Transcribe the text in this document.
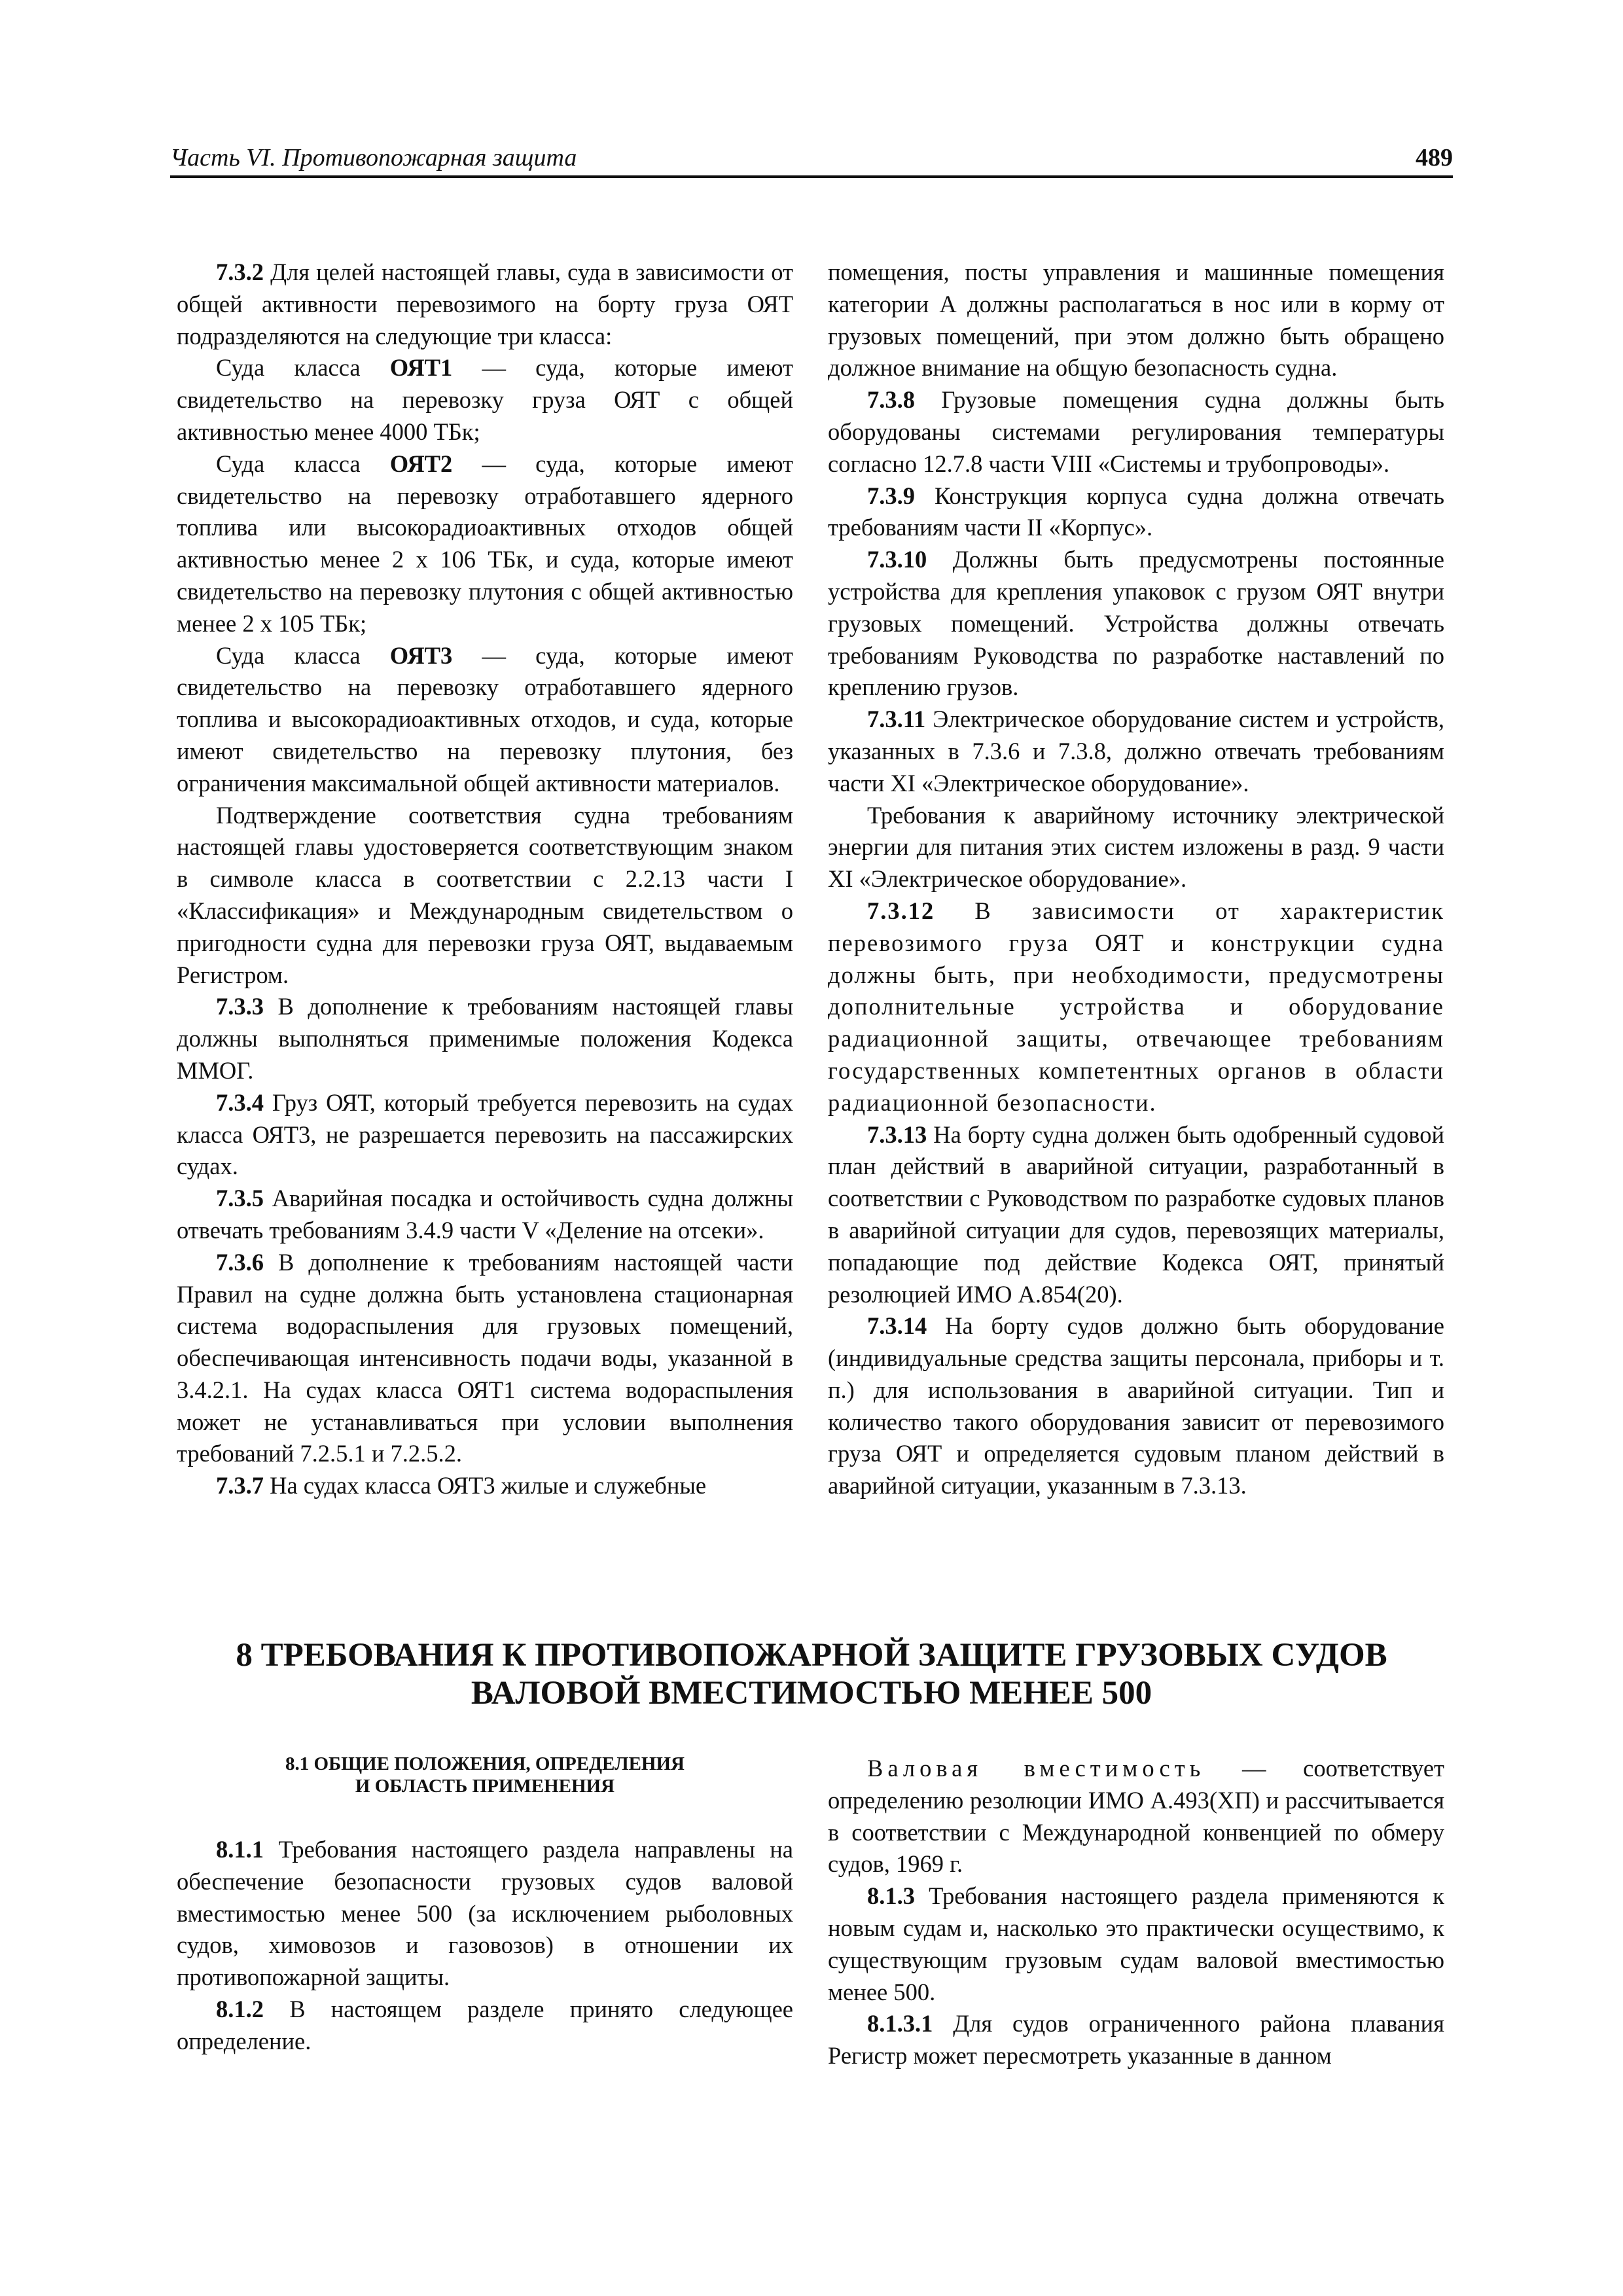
Часть VI. Противопожарная защита	489

7.3.2 Для целей настоящей главы, суда в зависимости от общей активности перевозимого на борту груза ОЯТ подразделяются на следующие три класса:

Суда класса ОЯТ1 — суда, которые имеют свидетельство на перевозку груза ОЯТ с общей активностью менее 4000 ТБк;

Суда класса ОЯТ2 — суда, которые имеют свидетельство на перевозку отработавшего ядерного топлива или высокорадиоактивных отходов общей активностью менее 2 х 106 ТБк, и суда, которые имеют свидетельство на перевозку плутония с общей активностью менее 2 х 105 ТБк;

Суда класса ОЯТ3 — суда, которые имеют свидетельство на перевозку отработавшего ядерного топлива и высокорадиоактивных отходов, и суда, которые имеют свидетельство на перевозку плутония, без ограничения максимальной общей активности материалов.

Подтверждение соответствия судна требованиям настоящей главы удостоверяется соответствующим знаком в символе класса в соответствии с 2.2.13 части I «Классификация» и Международным свидетельством о пригодности судна для перевозки груза ОЯТ, выдаваемым Регистром.

7.3.3 В дополнение к требованиям настоящей главы должны выполняться применимые положения Кодекса ММОГ.

7.3.4 Груз ОЯТ, который требуется перевозить на судах класса ОЯТ3, не разрешается перевозить на пассажирских судах.

7.3.5 Аварийная посадка и остойчивость судна должны отвечать требованиям 3.4.9 части V «Деление на отсеки».

7.3.6 В дополнение к требованиям настоящей части Правил на судне должна быть установлена стационарная система водораспыления для грузовых помещений, обеспечивающая интенсивность подачи воды, указанной в 3.4.2.1. На судах класса ОЯТ1 система водораспыления может не устанавливаться при условии выполнения требований 7.2.5.1 и 7.2.5.2.

7.3.7 На судах класса ОЯТ3 жилые и служебные

помещения, посты управления и машинные помещения категории А должны располагаться в нос или в корму от грузовых помещений, при этом должно быть обращено должное внимание на общую безопасность судна.

7.3.8 Грузовые помещения судна должны быть оборудованы системами регулирования температуры согласно 12.7.8 части VIII «Системы и трубопроводы».

7.3.9 Конструкция корпуса судна должна отвечать требованиям части II «Корпус».

7.3.10 Должны быть предусмотрены постоянные устройства для крепления упаковок с грузом ОЯТ внутри грузовых помещений. Устройства должны отвечать требованиям Руководства по разработке наставлений по креплению грузов.

7.3.11 Электрическое оборудование систем и устройств, указанных в 7.3.6 и 7.3.8, должно отвечать требованиям части XI «Электрическое оборудование».

Требования к аварийному источнику электрической энергии для питания этих систем изложены в разд. 9 части XI «Электрическое оборудование».

7.3.12 В зависимости от характеристик перевозимого груза ОЯТ и конструкции судна должны быть, при необходимости, предусмотрены дополнительные устройства и оборудование радиационной защиты, отвечающее требованиям государственных компетентных органов в области радиационной безопасности.

7.3.13 На борту судна должен быть одобренный судовой план действий в аварийной ситуации, разработанный в соответствии с Руководством по разработке судовых планов в аварийной ситуации для судов, перевозящих материалы, попадающие под действие Кодекса ОЯТ, принятый резолюцией ИМО А.854(20).

7.3.14 На борту судов должно быть оборудование (индивидуальные средства защиты персонала, приборы и т. п.) для использования в аварийной ситуации. Тип и количество такого оборудования зависит от перевозимого груза ОЯТ и определяется судовым планом действий в аварийной ситуации, указанным в 7.3.13.

8 ТРЕБОВАНИЯ К ПРОТИВОПОЖАРНОЙ ЗАЩИТЕ ГРУЗОВЫХ СУДОВ
ВАЛОВОЙ ВМЕСТИМОСТЬЮ МЕНЕЕ 500
8.1 ОБЩИЕ ПОЛОЖЕНИЯ, ОПРЕДЕЛЕНИЯ
И ОБЛАСТЬ ПРИМЕНЕНИЯ

8.1.1 Требования настоящего раздела направлены на обеспечение безопасности грузовых судов валовой вместимостью менее 500 (за исключением рыболовных судов, химовозов и газовозов) в отношении их противопожарной защиты.

8.1.2 В настоящем разделе принято следующее определение.

Валовая вместимость — соответствует определению резолюции ИМО А.493(ХП) и рассчитывается в соответствии с Международной конвенцией по обмеру судов, 1969 г.

8.1.3 Требования настоящего раздела применяются к новым судам и, насколько это практически осуществимо, к существующим грузовым судам валовой вместимостью менее 500.

8.1.3.1 Для судов ограниченного района плавания Регистр может пересмотреть указанные в данном
